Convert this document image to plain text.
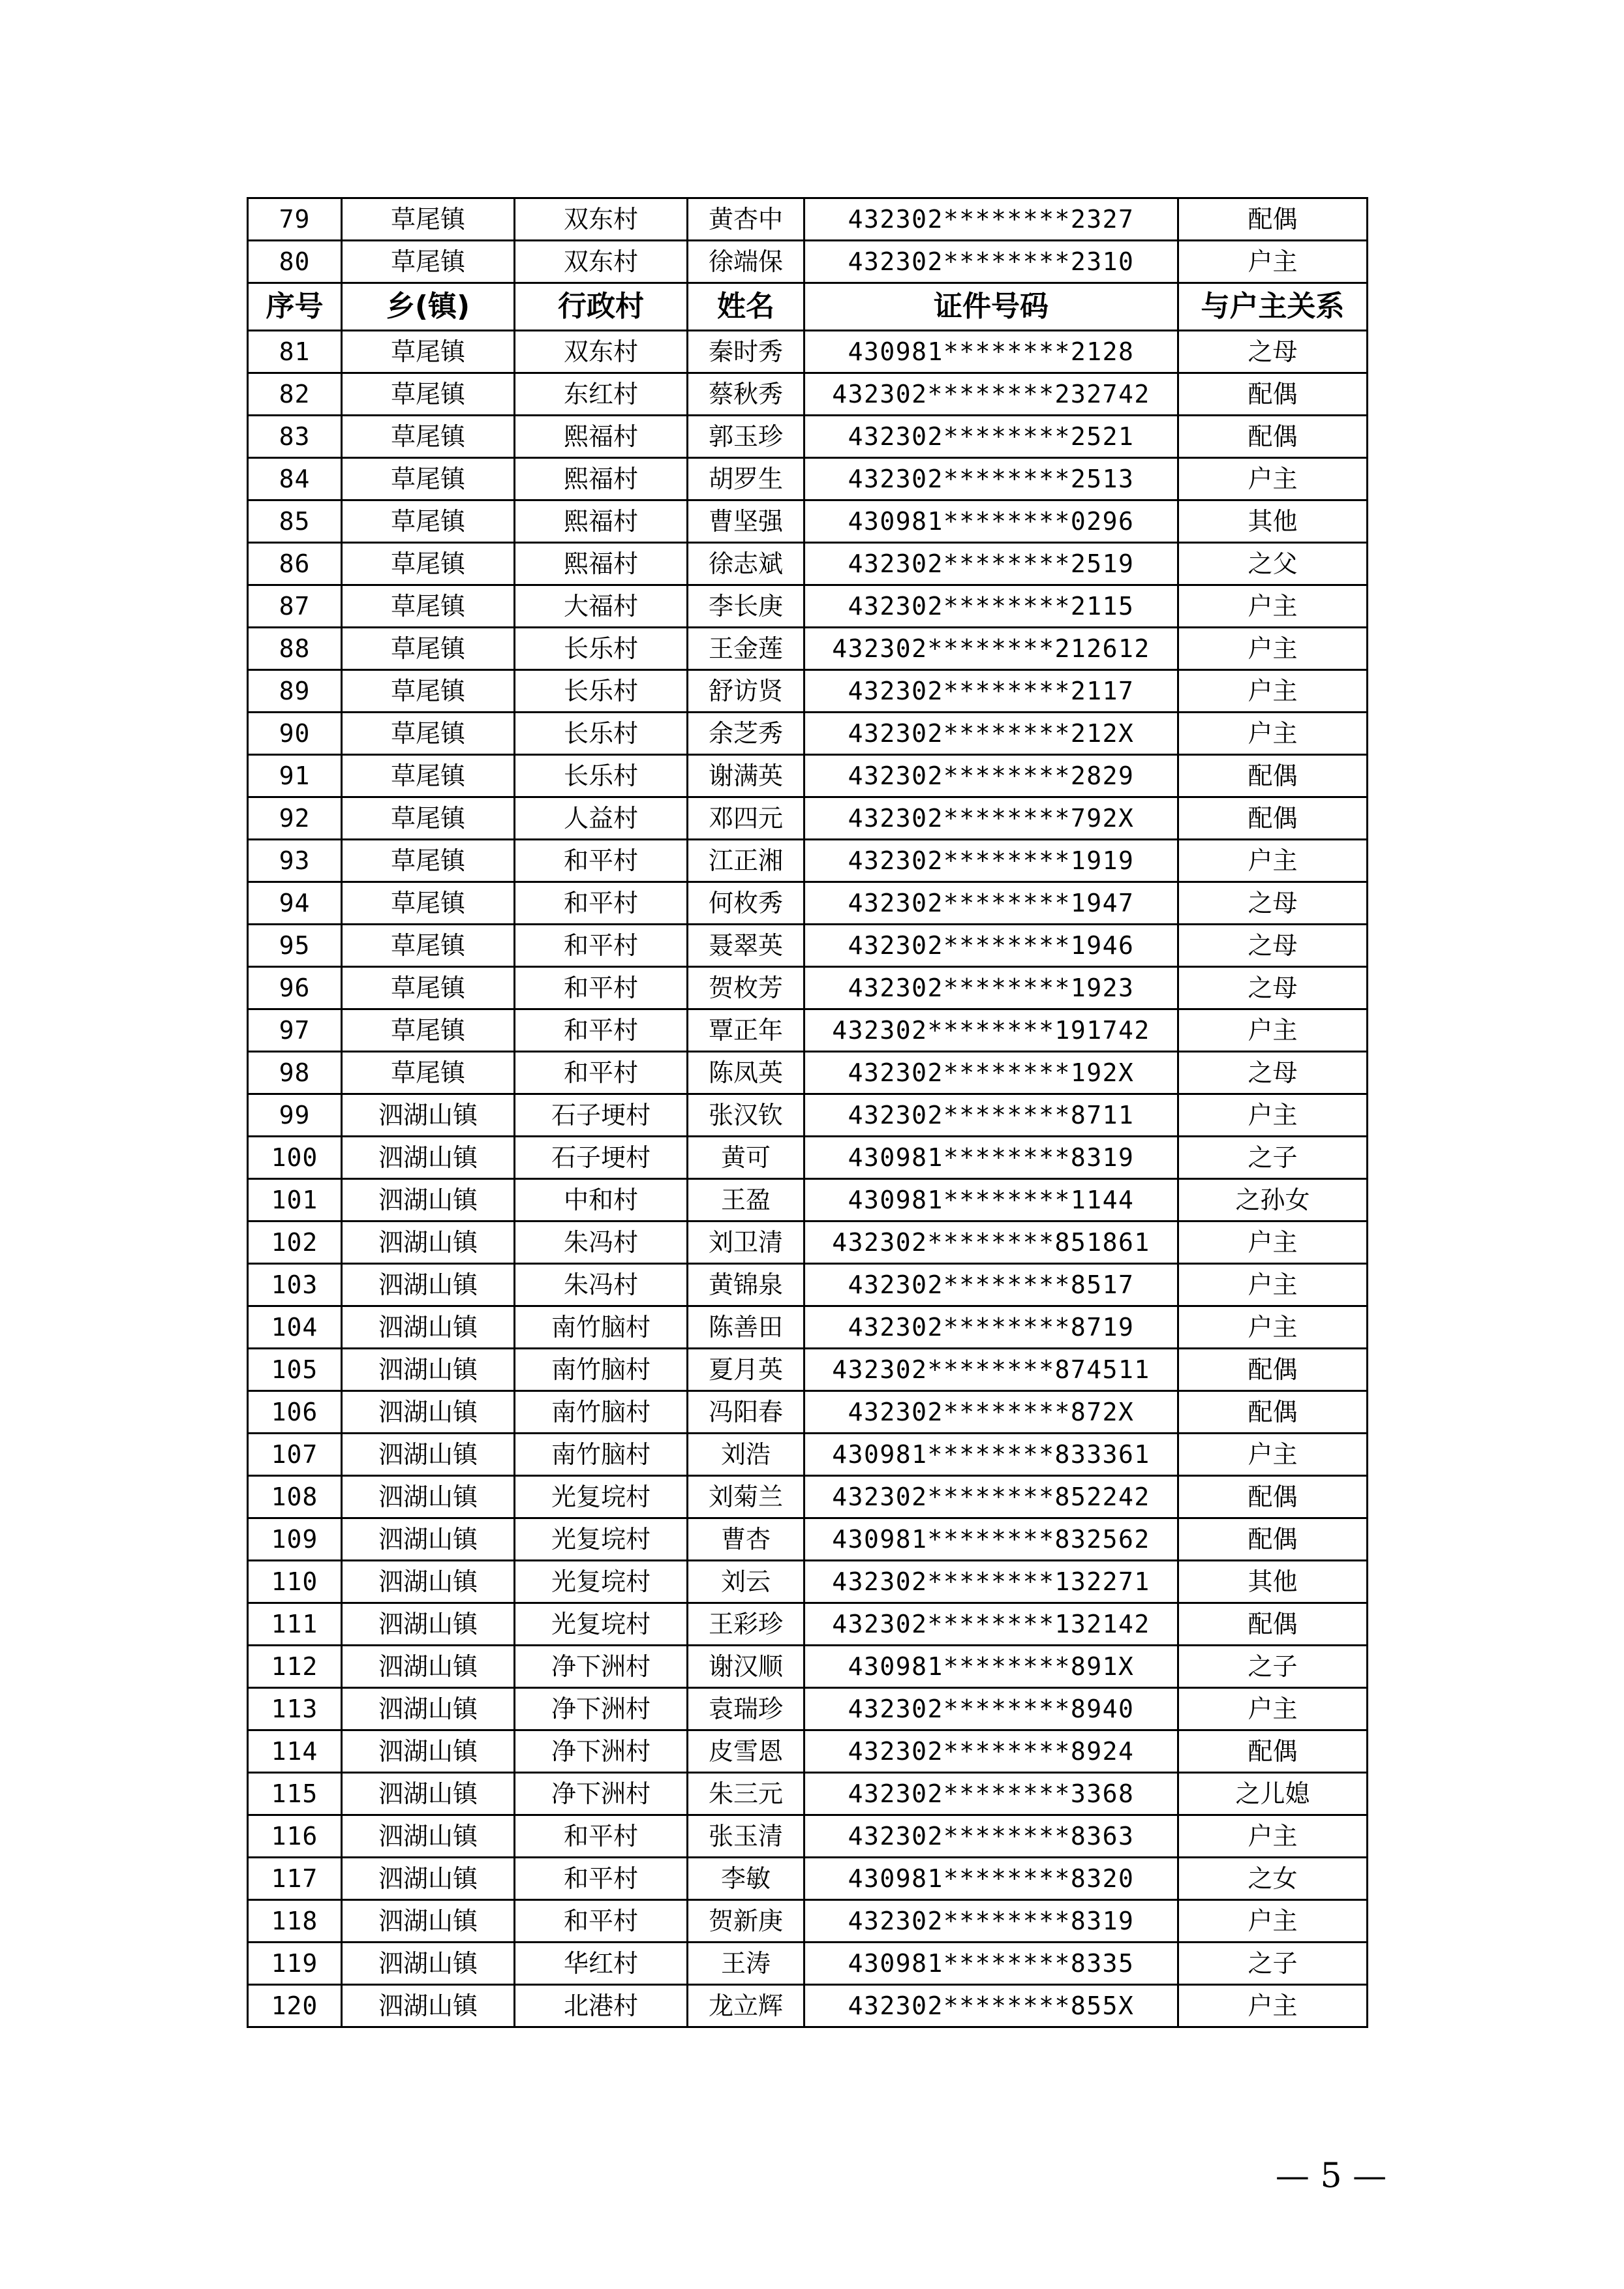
79	草尾镇	双东村	黄杏中	432302********2327	配偶
80	草尾镇	双东村	徐端保	432302********2310	户主
序号	乡(镇)	行政村	姓名	证件号码	与户主关系
81	草尾镇	双东村	秦时秀	430981********2128	之母
82	草尾镇	东红村	蔡秋秀	432302********232742	配偶
83	草尾镇	熙福村	郭玉珍	432302********2521	配偶
84	草尾镇	熙福村	胡罗生	432302********2513	户主
85	草尾镇	熙福村	曹坚强	430981********0296	其他
86	草尾镇	熙福村	徐志斌	432302********2519	之父
87	草尾镇	大福村	李长庚	432302********2115	户主
88	草尾镇	长乐村	王金莲	432302********212612	户主
89	草尾镇	长乐村	舒访贤	432302********2117	户主
90	草尾镇	长乐村	余芝秀	432302********212X	户主
91	草尾镇	长乐村	谢满英	432302********2829	配偶
92	草尾镇	人益村	邓四元	432302********792X	配偶
93	草尾镇	和平村	江正湘	432302********1919	户主
94	草尾镇	和平村	何枚秀	432302********1947	之母
95	草尾镇	和平村	聂翠英	432302********1946	之母
96	草尾镇	和平村	贺枚芳	432302********1923	之母
97	草尾镇	和平村	覃正年	432302********191742	户主
98	草尾镇	和平村	陈凤英	432302********192X	之母
99	泗湖山镇	石子埂村	张汉钦	432302********8711	户主
100	泗湖山镇	石子埂村	黄可	430981********8319	之子
101	泗湖山镇	中和村	王盈	430981********1144	之孙女
102	泗湖山镇	朱冯村	刘卫清	432302********851861	户主
103	泗湖山镇	朱冯村	黄锦泉	432302********8517	户主
104	泗湖山镇	南竹脑村	陈善田	432302********8719	户主
105	泗湖山镇	南竹脑村	夏月英	432302********874511	配偶
106	泗湖山镇	南竹脑村	冯阳春	432302********872X	配偶
107	泗湖山镇	南竹脑村	刘浩	430981********833361	户主
108	泗湖山镇	光复垸村	刘菊兰	432302********852242	配偶
109	泗湖山镇	光复垸村	曹杏	430981********832562	配偶
110	泗湖山镇	光复垸村	刘云	432302********132271	其他
111	泗湖山镇	光复垸村	王彩珍	432302********132142	配偶
112	泗湖山镇	净下洲村	谢汉顺	430981********891X	之子
113	泗湖山镇	净下洲村	袁瑞珍	432302********8940	户主
114	泗湖山镇	净下洲村	皮雪恩	432302********8924	配偶
115	泗湖山镇	净下洲村	朱三元	432302********3368	之儿媳
116	泗湖山镇	和平村	张玉清	432302********8363	户主
117	泗湖山镇	和平村	李敏	430981********8320	之女
118	泗湖山镇	和平村	贺新庚	432302********8319	户主
119	泗湖山镇	华红村	王涛	430981********8335	之子
120	泗湖山镇	北港村	龙立辉	432302********855X	户主
— 5 —
